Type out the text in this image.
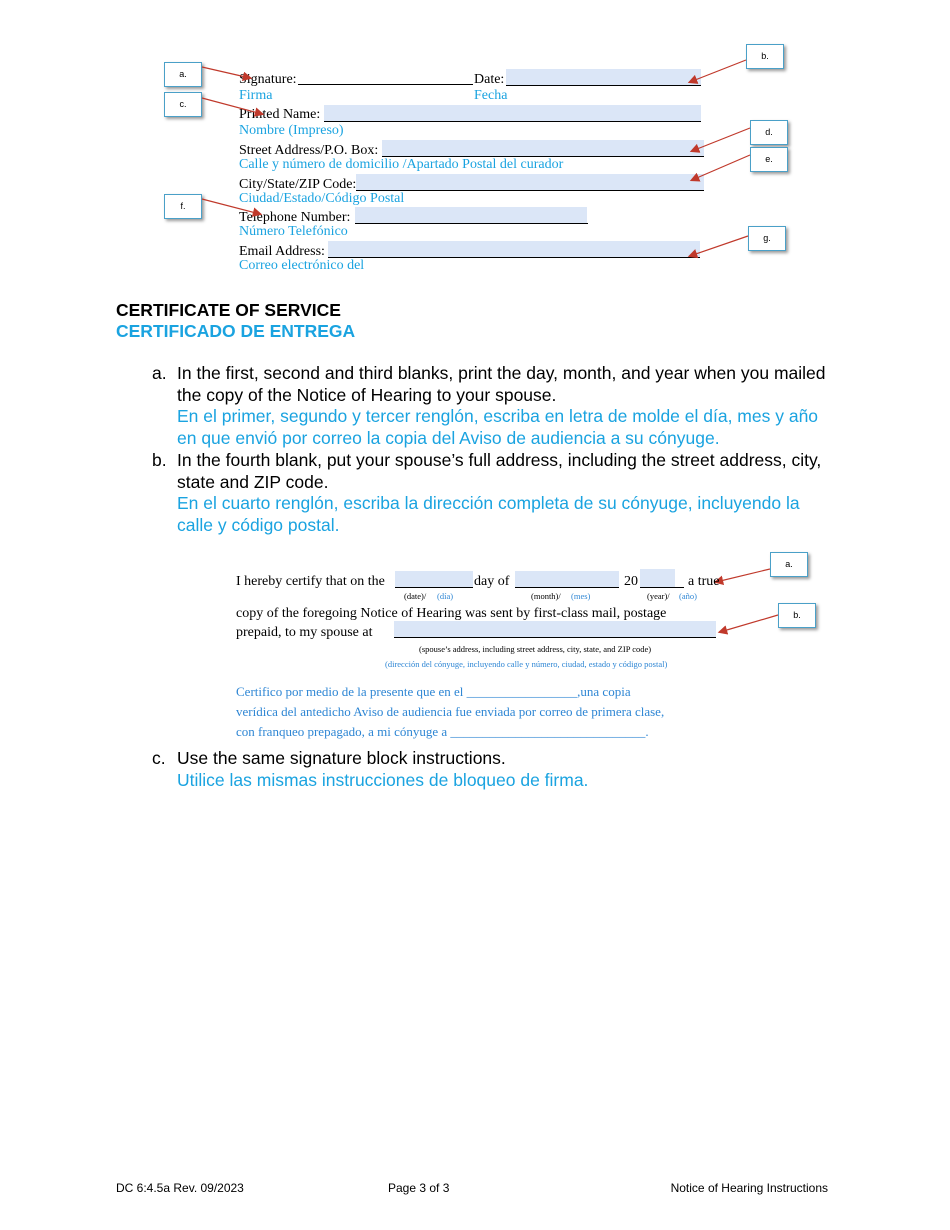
Signature:	Date:
Firma	Fecha
Printed Name:
Nombre (Impreso)
Street Address/P.O. Box:
Calle y número de domicilio /Apartado Postal del curador
City/State/ZIP Code:
Ciudad/Estado/Código Postal
Telephone Number:
Número Telefónico
Email Address:
Correo electrónico del
a.
b.
c.
d.
e.
f.
g.
CERTIFICATE OF SERVICE
CERTIFICADO DE ENTREGA
a. In the first, second and third blanks, print the day, month, and year when you mailed the copy of the Notice of Hearing to your spouse.
En el primer, segundo y tercer renglón, escriba en letra de molde el día, mes y año en que envió por correo la copia del Aviso de audiencia a su cónyuge.
b. In the fourth blank, put your spouse’s full address, including the street address, city, state and ZIP code.
En el cuarto renglón, escriba la dirección completa de su cónyuge, incluyendo la calle y código postal.
I hereby certify that on the	day of	20	a true
(date)/ (día)	(month)/ (mes)	(year)/ (año)
copy of the foregoing Notice of Hearing was sent by first-class mail, postage
prepaid, to my spouse at
(spouse’s address, including street address, city, state, and ZIP code)
(dirección del cónyuge, incluyendo calle y número, ciudad, estado y código postal)
Certifico por medio de la presente que en el _________________,una copia
verídica del antedicho Aviso de audiencia fue enviada por correo de primera clase,
con franqueo prepagado, a mi cónyuge a ______________________________.
a.
b.
c. Use the same signature block instructions.
Utilice las mismas instrucciones de bloqueo de firma.
DC 6:4.5a Rev. 09/2023	Page 3 of 3	Notice of Hearing Instructions
